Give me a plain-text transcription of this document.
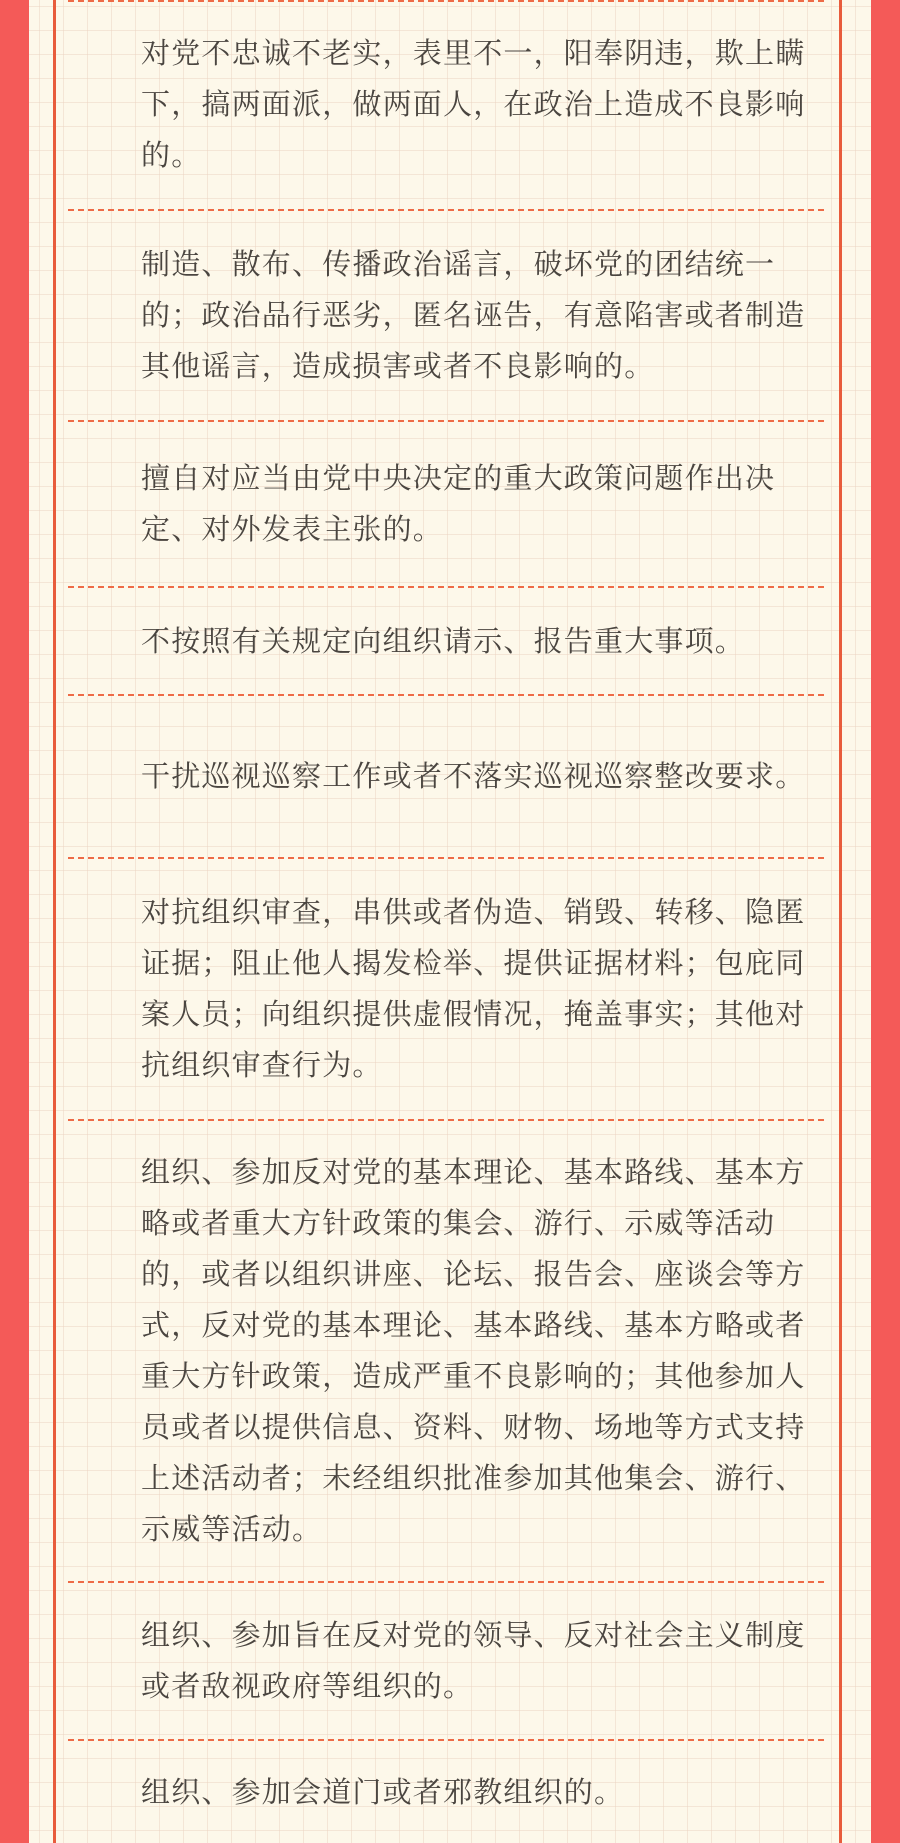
对党不忠诚不老实，表里不一，阳奉阴违，欺上瞒下，搞两面派，做两面人，在政治上造成不良影响的。
制造、散布、传播政治谣言，破坏党的团结统一的；政治品行恶劣，匿名诬告，有意陷害或者制造其他谣言，造成损害或者不良影响的。
擅自对应当由党中央决定的重大政策问题作出决定、对外发表主张的。
不按照有关规定向组织请示、报告重大事项。
干扰巡视巡察工作或者不落实巡视巡察整改要求。
对抗组织审查，串供或者伪造、销毁、转移、隐匿证据；阻止他人揭发检举、提供证据材料；包庇同案人员；向组织提供虚假情况，掩盖事实；其他对抗组织审查行为。
组织、参加反对党的基本理论、基本路线、基本方略或者重大方针政策的集会、游行、示威等活动的，或者以组织讲座、论坛、报告会、座谈会等方式，反对党的基本理论、基本路线、基本方略或者重大方针政策，造成严重不良影响的；其他参加人员或者以提供信息、资料、财物、场地等方式支持上述活动者；未经组织批准参加其他集会、游行、示威等活动。
组织、参加旨在反对党的领导、反对社会主义制度或者敌视政府等组织的。
组织、参加会道门或者邪教组织的。
